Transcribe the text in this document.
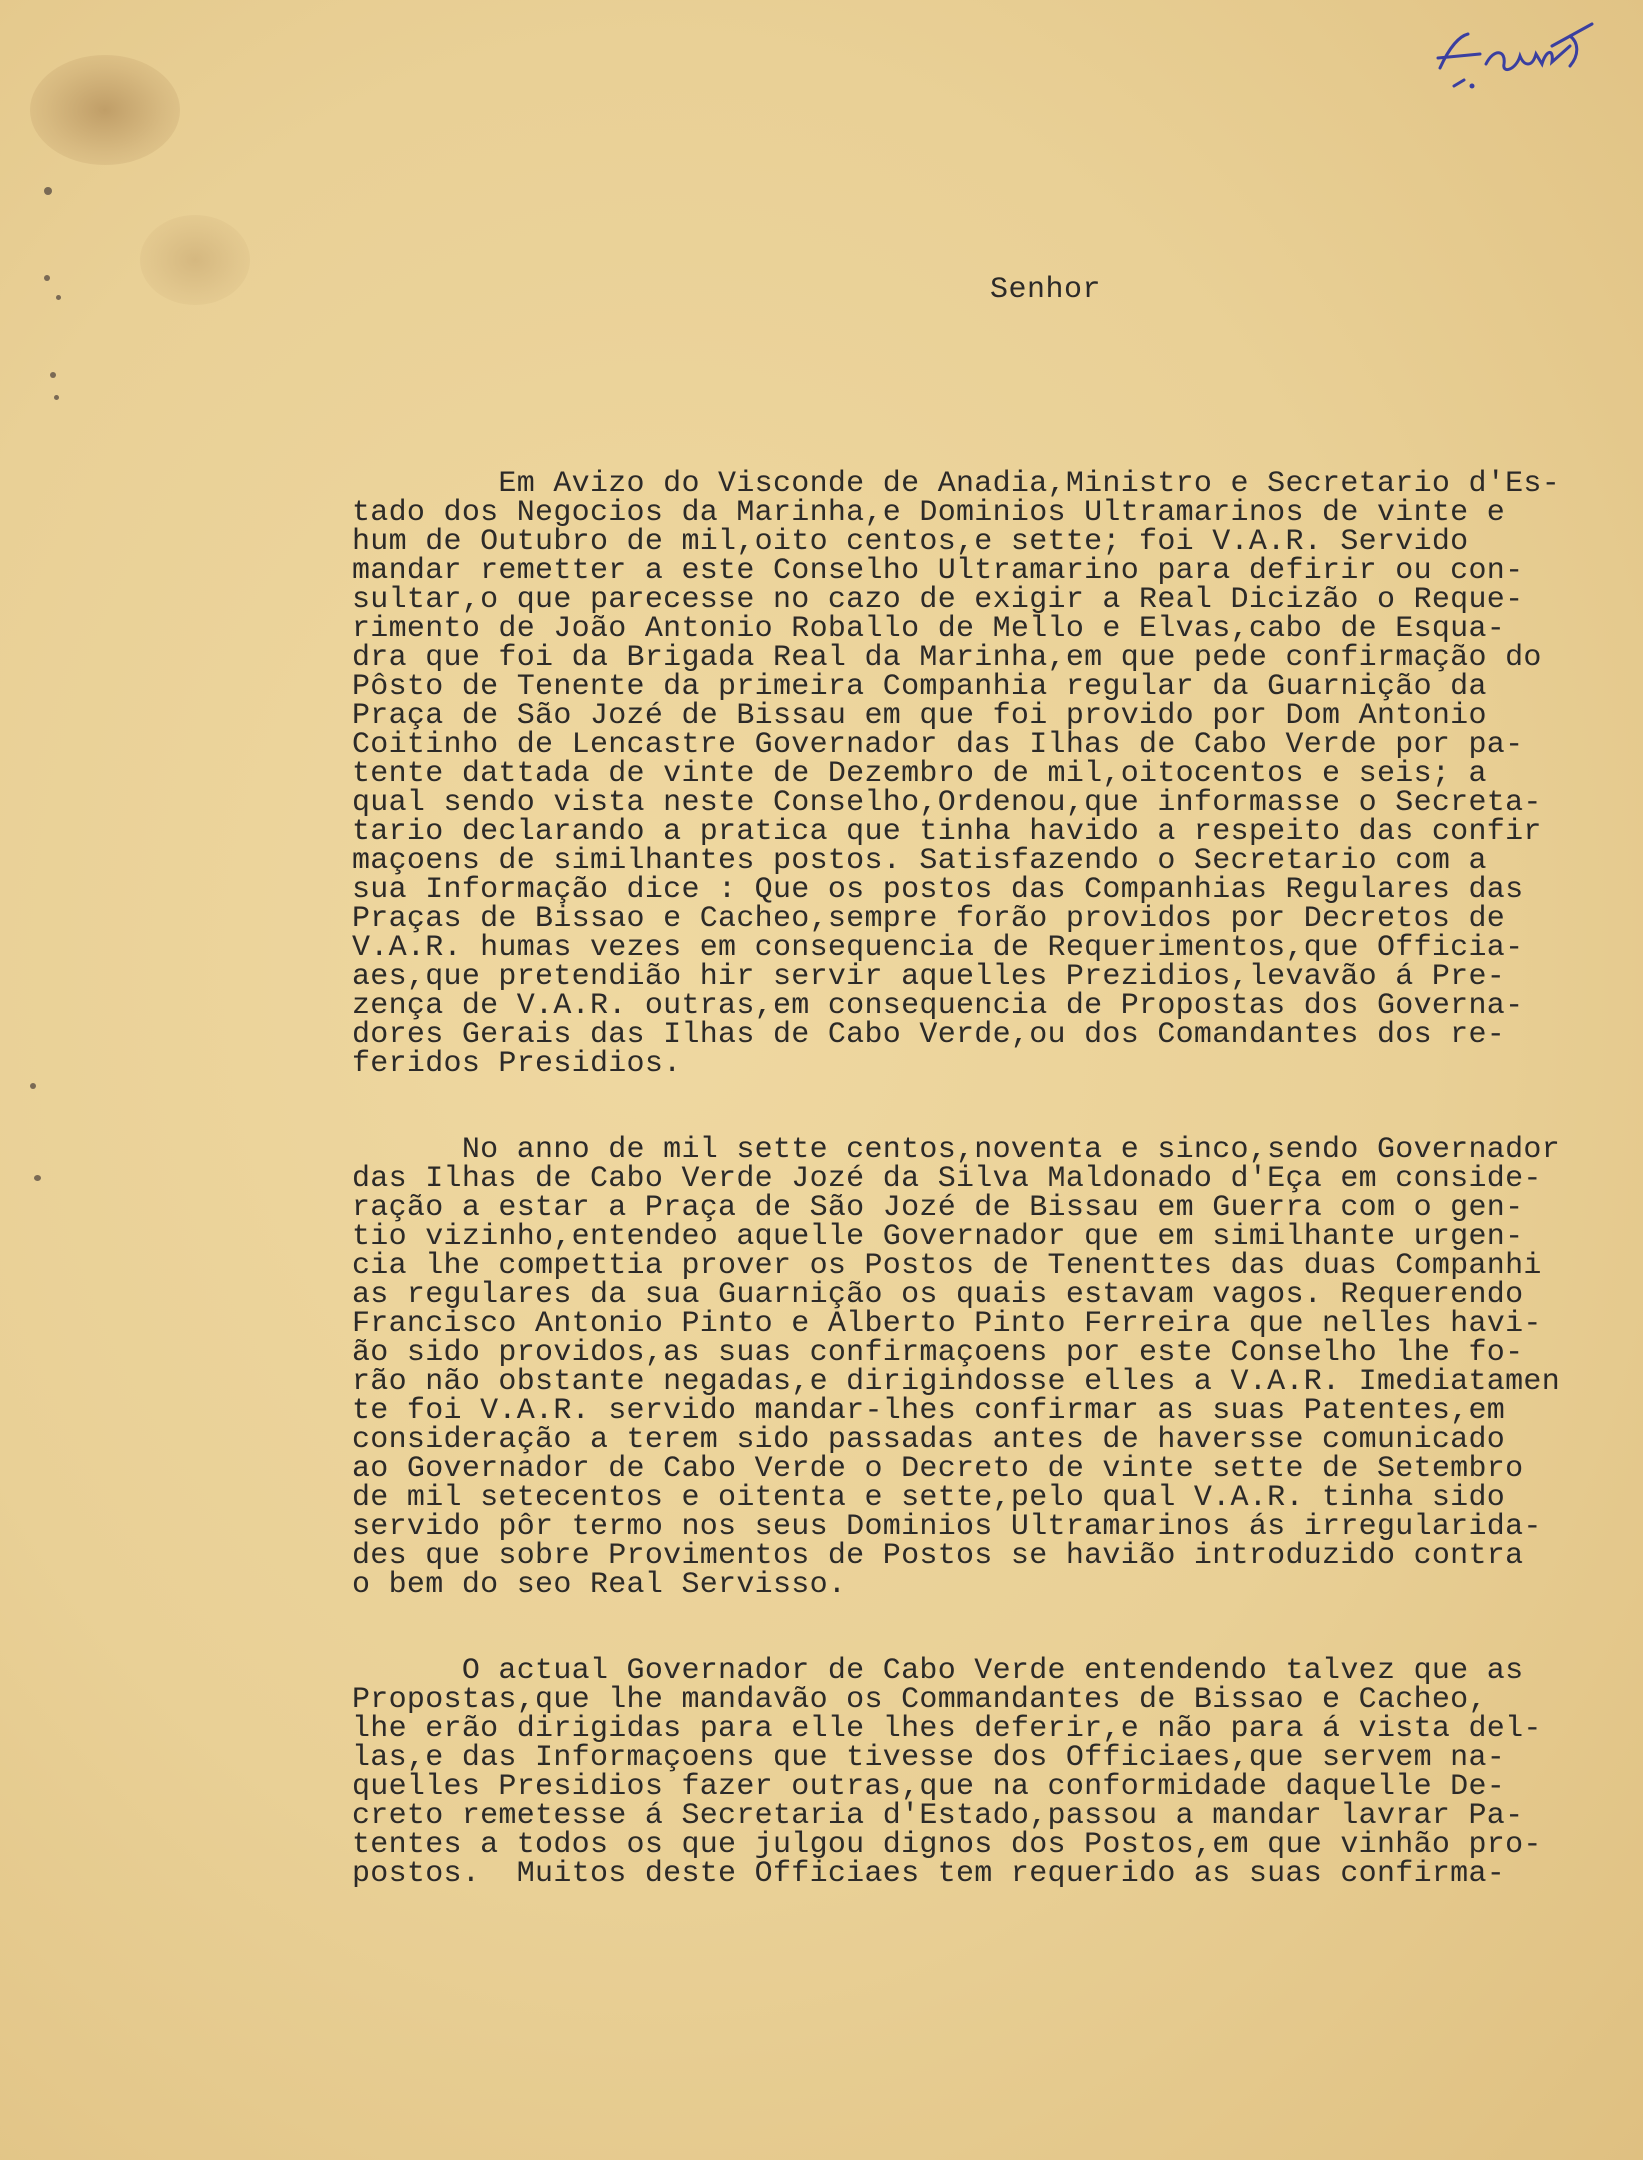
Senhor
Em Avizo do Visconde de Anadia,Ministro e Secretario d'Es-
tado dos Negocios da Marinha,e Dominios Ultramarinos de vinte e
hum de Outubro de mil,oito centos,e sette; foi V.A.R. Servido
mandar remetter a este Conselho Ultramarino para defirir ou con-
sultar,o que parecesse no cazo de exigir a Real Dicizão o Reque-
rimento de João Antonio Roballo de Mello e Elvas,cabo de Esqua-
dra que foi da Brigada Real da Marinha,em que pede confirmação do
Pôsto de Tenente da primeira Companhia regular da Guarnição da
Praça de São Jozé de Bissau em que foi provido por Dom Antonio
Coitinho de Lencastre Governador das Ilhas de Cabo Verde por pa-
tente dattada de vinte de Dezembro de mil,oitocentos e seis; a
qual sendo vista neste Conselho,Ordenou,que informasse o Secreta-
tario declarando a pratica que tinha havido a respeito das confir
maçoens de similhantes postos. Satisfazendo o Secretario com a
sua Informação dice : Que os postos das Companhias Regulares das
Praças de Bissao e Cacheo,sempre forão providos por Decretos de
V.A.R. humas vezes em consequencia de Requerimentos,que Officia-
aes,que pretendião hir servir aquelles Prezidios,levavão á Pre-
zença de V.A.R. outras,em consequencia de Propostas dos Governa-
dores Gerais das Ilhas de Cabo Verde,ou dos Comandantes dos re-
feridos Presidios.
No anno de mil sette centos,noventa e sinco,sendo Governador
das Ilhas de Cabo Verde Jozé da Silva Maldonado d'Eça em conside-
ração a estar a Praça de São Jozé de Bissau em Guerra com o gen-
tio vizinho,entendeo aquelle Governador que em similhante urgen-
cia lhe compettia prover os Postos de Tenenttes das duas Companhi
as regulares da sua Guarnição os quais estavam vagos. Requerendo
Francisco Antonio Pinto e Alberto Pinto Ferreira que nelles havi-
ão sido providos,as suas confirmaçoens por este Conselho lhe fo-
rão não obstante negadas,e dirigindosse elles a V.A.R. Imediatamen
te foi V.A.R. servido mandar-lhes confirmar as suas Patentes,em
consideração a terem sido passadas antes de haversse comunicado
ao Governador de Cabo Verde o Decreto de vinte sette de Setembro
de mil setecentos e oitenta e sette,pelo qual V.A.R. tinha sido
servido pôr termo nos seus Dominios Ultramarinos ás irregularida-
des que sobre Provimentos de Postos se havião introduzido contra
o bem do seo Real Servisso.
O actual Governador de Cabo Verde entendendo talvez que as
Propostas,que lhe mandavão os Commandantes de Bissao e Cacheo,
lhe erão dirigidas para elle lhes deferir,e não para á vista del-
las,e das Informaçoens que tivesse dos Officiaes,que servem na-
quelles Presidios fazer outras,que na conformidade daquelle De-
creto remetesse á Secretaria d'Estado,passou a mandar lavrar Pa-
tentes a todos os que julgou dignos dos Postos,em que vinhão pro-
postos.  Muitos deste Officiaes tem requerido as suas confirma-
